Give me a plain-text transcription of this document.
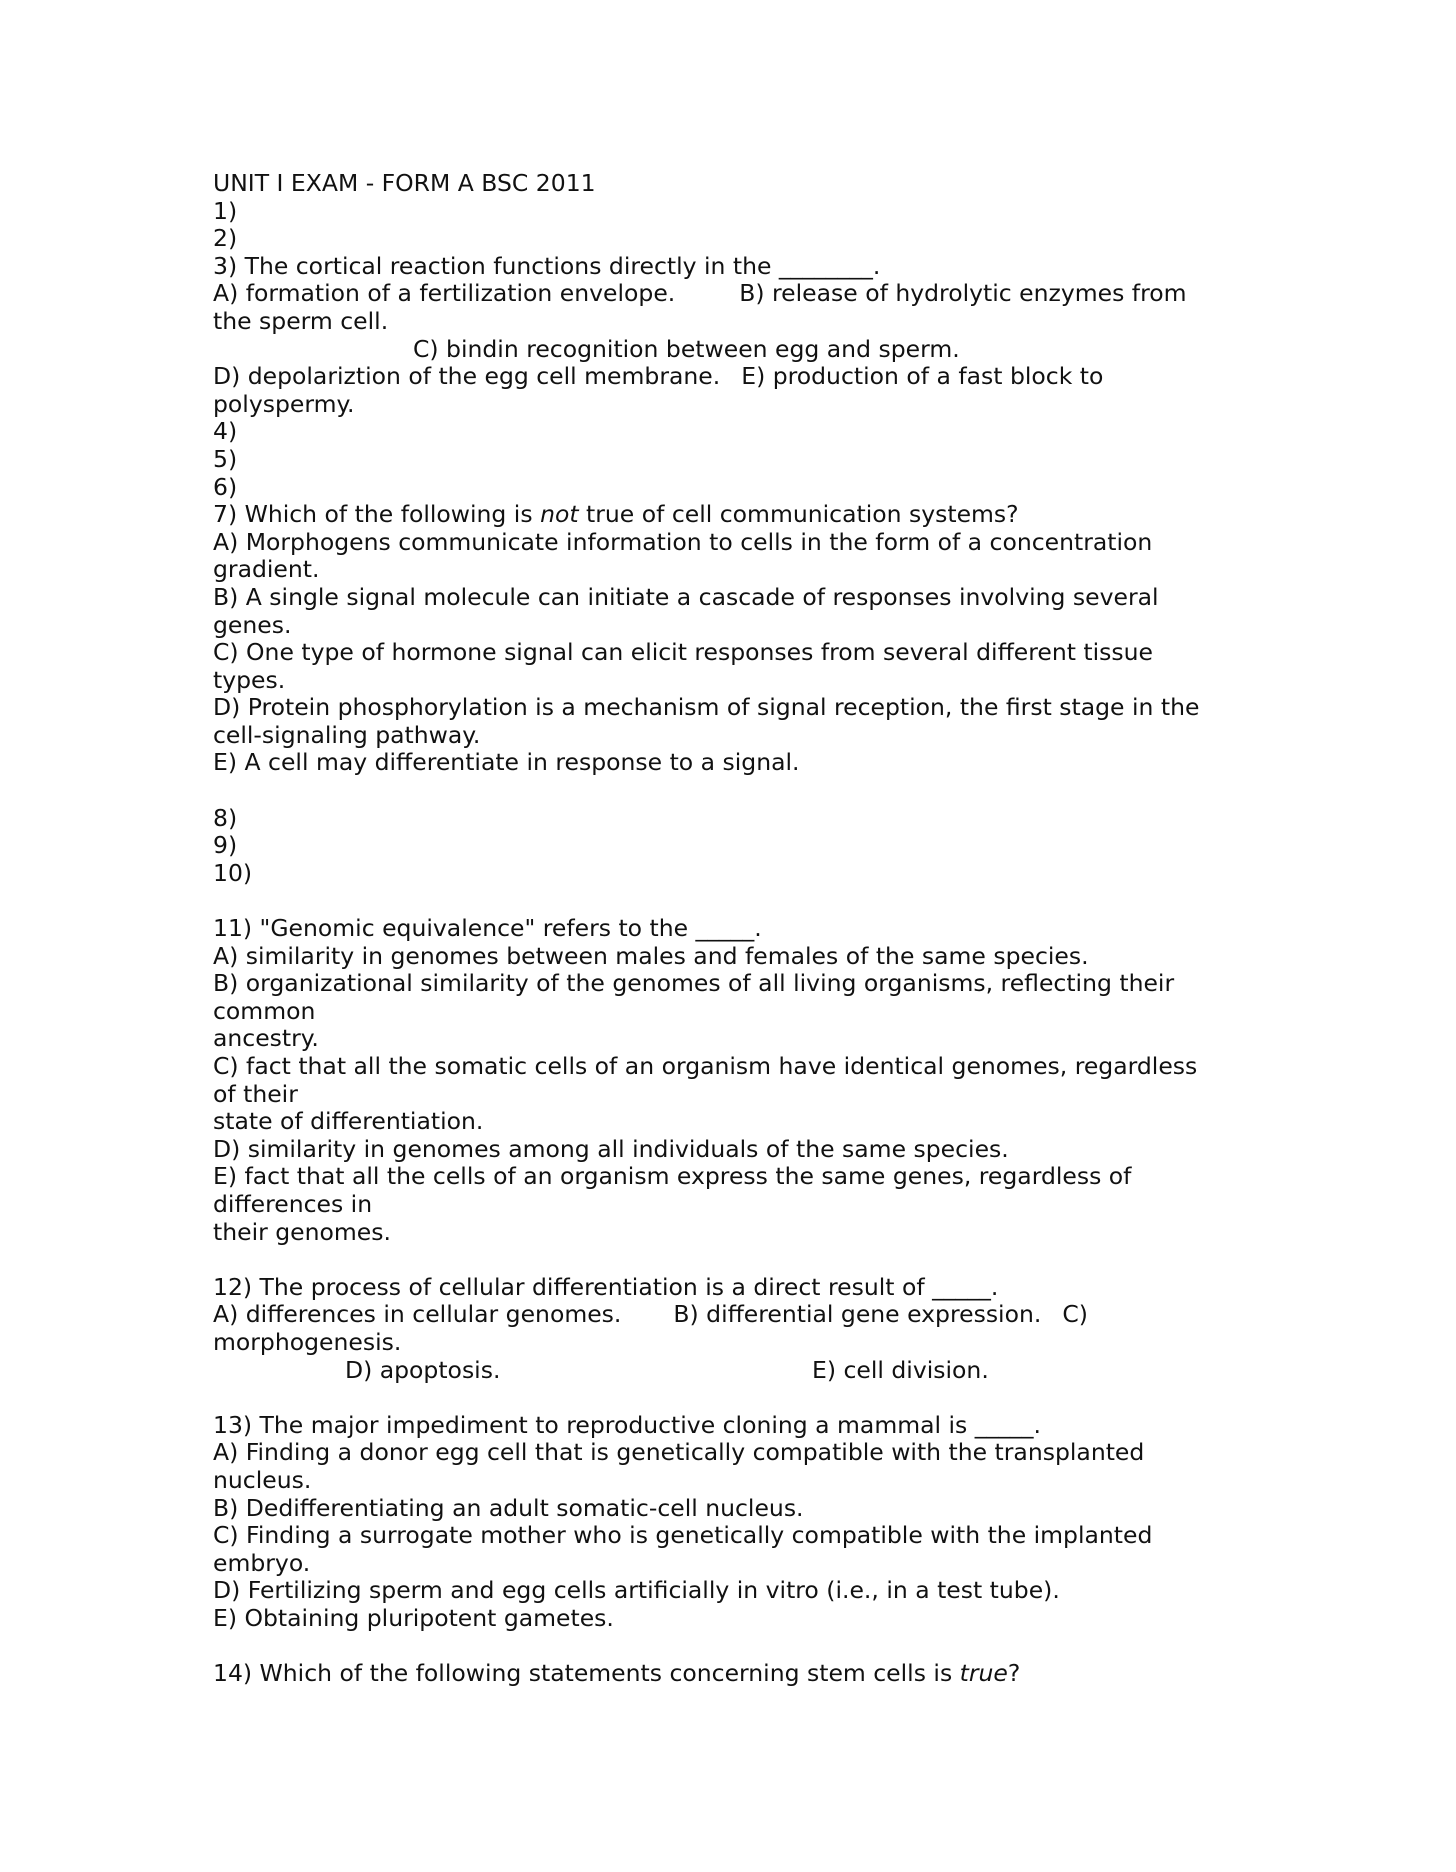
UNIT I EXAM - FORM A BSC 2011
1)
2)
3) The cortical reaction functions directly in the ________.
A) formation of a fertilization envelope.	B) release of hydrolytic enzymes from
the sperm cell.
C) bindin recognition between egg and sperm.
D) depolariztion of the egg cell membrane. E) production of a fast block to
polyspermy.
4)
5)
6)
7) Which of the following is not true of cell communication systems?
A) Morphogens communicate information to cells in the form of a concentration
gradient.
B) A single signal molecule can initiate a cascade of responses involving several
genes.
C) One type of hormone signal can elicit responses from several different tissue
types.
D) Protein phosphorylation is a mechanism of signal reception, the first stage in the
cell-signaling pathway.
E) A cell may differentiate in response to a signal.
8)
9)
10)
11) "Genomic equivalence" refers to the _____.
A) similarity in genomes between males and females of the same species.
B) organizational similarity of the genomes of all living organisms, reflecting their
common
ancestry.
C) fact that all the somatic cells of an organism have identical genomes, regardless
of their
state of differentiation.
D) similarity in genomes among all individuals of the same species.
E) fact that all the cells of an organism express the same genes, regardless of
differences in
their genomes.
12) The process of cellular differentiation is a direct result of _____.
A) differences in cellular genomes. B) differential gene expression. C)
morphogenesis.
D) apoptosis.	E) cell division.
13) The major impediment to reproductive cloning a mammal is _____.
A) Finding a donor egg cell that is genetically compatible with the transplanted
nucleus.
B) Dedifferentiating an adult somatic-cell nucleus.
C) Finding a surrogate mother who is genetically compatible with the implanted
embryo.
D) Fertilizing sperm and egg cells artificially in vitro (i.e., in a test tube).
E) Obtaining pluripotent gametes.
14) Which of the following statements concerning stem cells is true?
